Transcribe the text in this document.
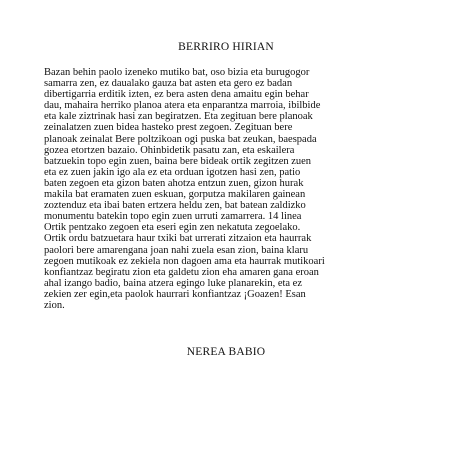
BERRIRO HIRIAN

Bazan behin paolo izeneko mutiko bat, oso bizia eta burugogor
samarra zen, ez daualako gauza bat asten eta gero ez badan
dibertigarria erditik izten, ez bera asten dena amaitu egin behar
dau, mahaira herriko planoa atera eta enparantza marroia, ibilbide
eta kale ziztrinak hasi zan begiratzen. Eta zegituan bere planoak
zeinalatzen zuen bidea hasteko prest zegoen. Zegituan bere
planoak zeinalat Bere poltzikoan ogi puska bat zeukan, baespada
gozea etortzen bazaio. Ohinbidetik pasatu zan, eta eskailera
batzuekin topo egin zuen, baina bere bideak ortik zegitzen zuen
eta ez zuen jakin igo ala ez eta orduan igotzen hasi zen, patio
baten zegoen eta gizon baten ahotza entzun zuen, gizon hurak
makila bat eramaten zuen eskuan, gorputza makilaren gainean
zoztenduz eta ibai baten ertzera heldu zen, bat batean zaldizko
monumentu batekin topo egin zuen urruti zamarrera. 14 linea
Ortik pentzako zegoen eta eseri egin zen nekatuta zegoelako.
Ortik ordu batzuetara haur txiki bat urrerati zitzaion eta haurrak
paolori bere amarengana joan nahi zuela esan zion, baina klaru
zegoen mutikoak ez zekiela non dagoen ama eta haurrak mutikoari
konfiantzaz begiratu zion eta galdetu zion eha amaren gana eroan
ahal izango badio, baina atzera egingo luke planarekin, eta ez
zekien zer egin,eta paolok haurrari konfiantzaz ¡Goazen! Esan
zion.

NEREA BABIO
